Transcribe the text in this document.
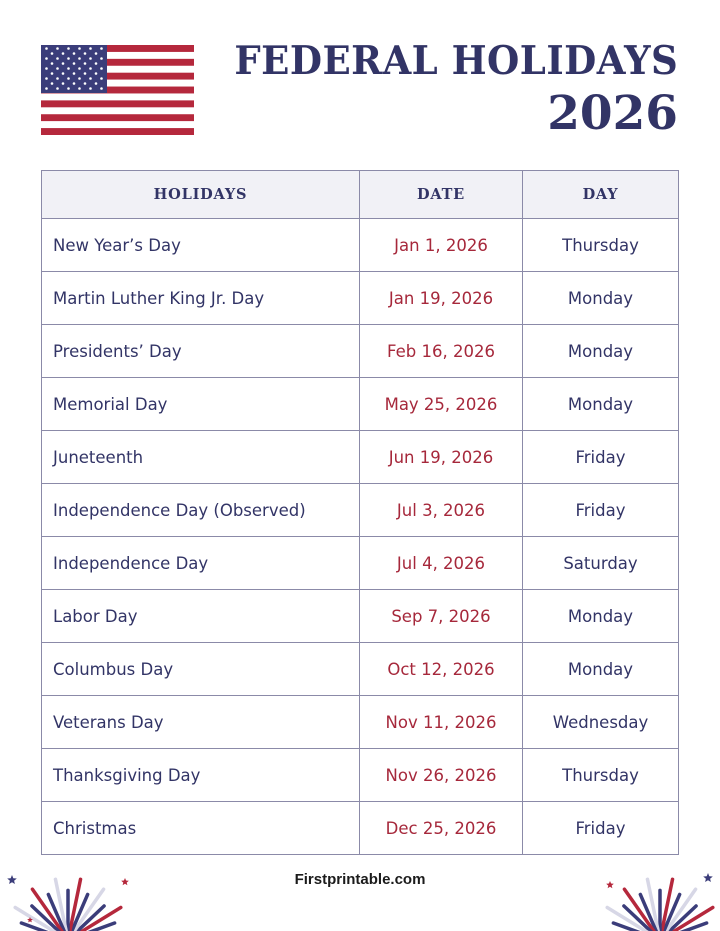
FEDERAL HOLIDAYS
2026
HOLIDAYS	DATE	DAY
New Year’s Day	Jan 1, 2026	Thursday
Martin Luther King Jr. Day	Jan 19, 2026	Monday
Presidents’ Day	Feb 16, 2026	Monday
Memorial Day	May 25, 2026	Monday
Juneteenth	Jun 19, 2026	Friday
Independence Day (Observed)	Jul 3, 2026	Friday
Independence Day	Jul 4, 2026	Saturday
Labor Day	Sep 7, 2026	Monday
Columbus Day	Oct 12, 2026	Monday
Veterans Day	Nov 11, 2026	Wednesday
Thanksgiving Day	Nov 26, 2026	Thursday
Christmas	Dec 25, 2026	Friday
Firstprintable.com
